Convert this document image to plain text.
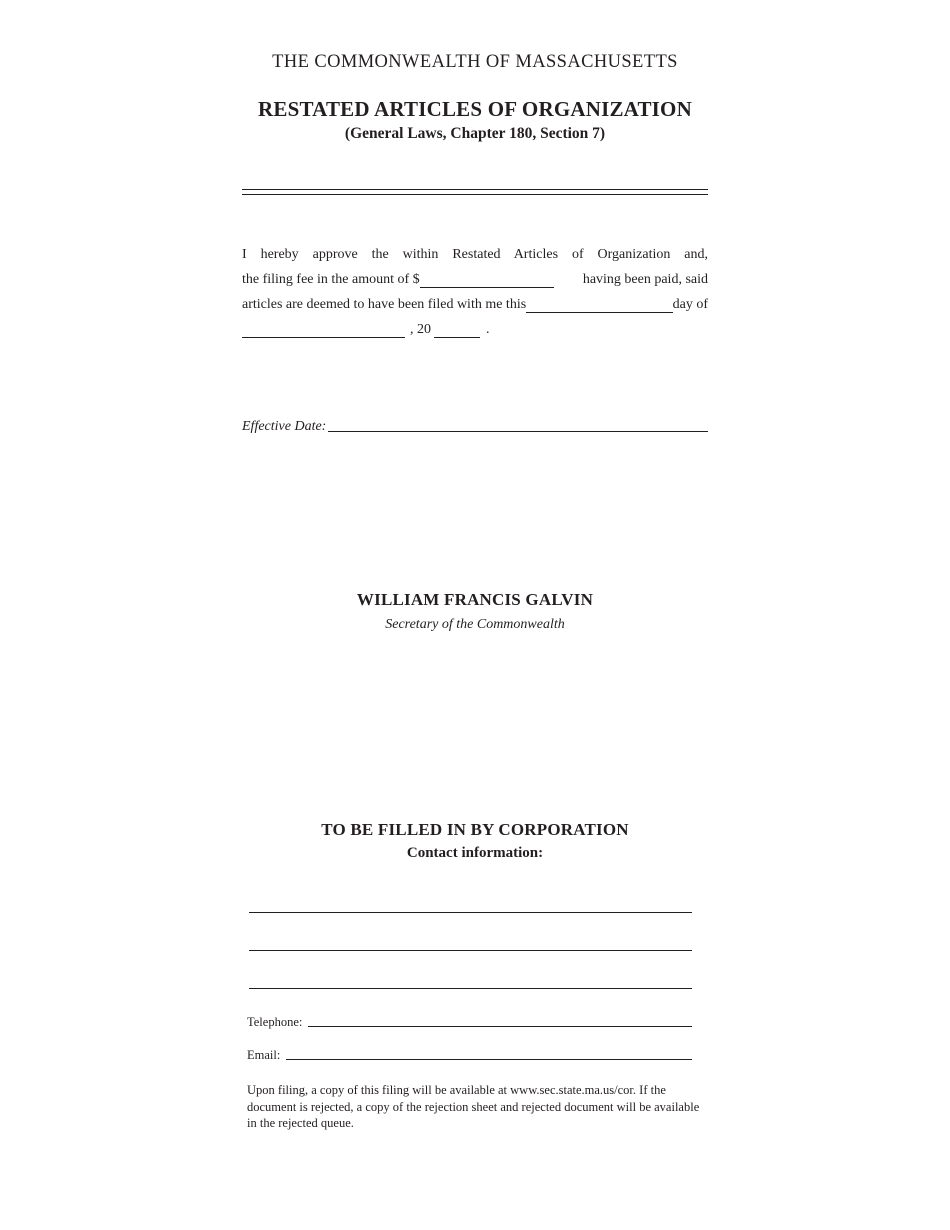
THE COMMONWEALTH OF MASSACHUSETTS
RESTATED ARTICLES OF ORGANIZATION
(General Laws, Chapter 180, Section 7)
I hereby approve the within Restated Articles of Organization and,
the filing fee in the amount of $	having been paid, said
articles are deemed to have been filed with me this	day of
, 20	.
Effective Date:
WILLIAM FRANCIS GALVIN
Secretary of the Commonwealth
TO BE FILLED IN BY CORPORATION
Contact information:
Telephone:
Email:
Upon filing, a copy of this filing will be available at www.sec.state.ma.us/cor. If the document is rejected, a copy of the rejection sheet and rejected document will be available in the rejected queue.
